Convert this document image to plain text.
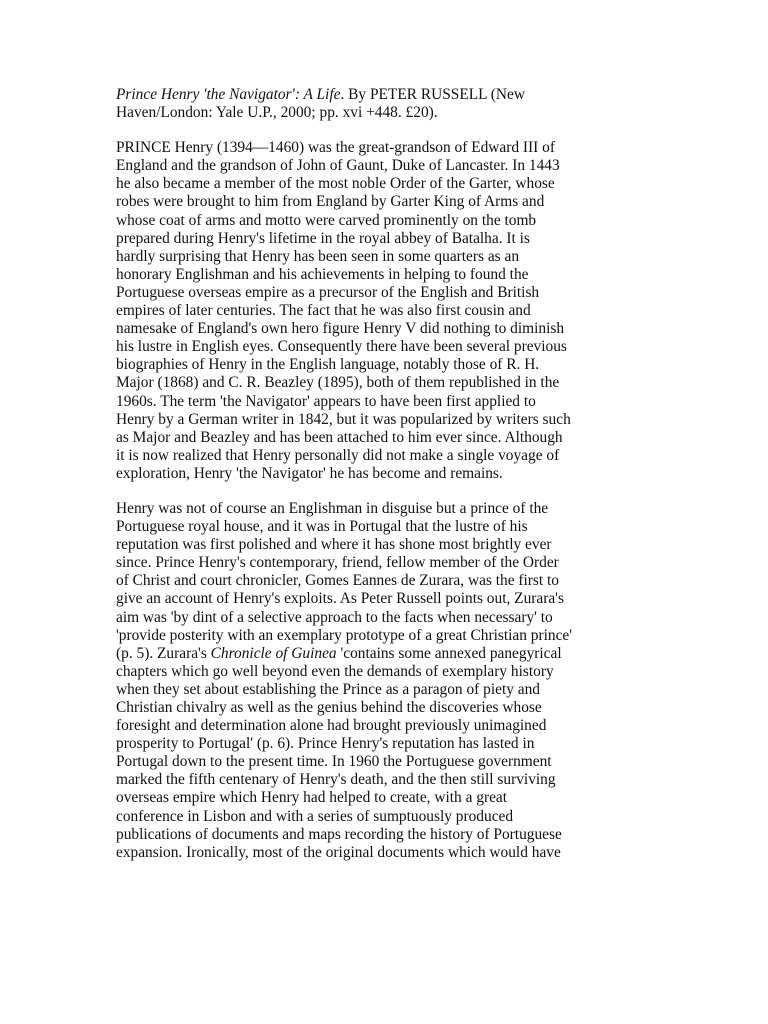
Prince Henry 'the Navigator': A Life. By PETER RUSSELL (New
Haven/London: Yale U.P., 2000; pp. xvi +448. £20).
PRINCE Henry (1394—1460) was the great-grandson of Edward III of
England and the grandson of John of Gaunt, Duke of Lancaster. In 1443
he also became a member of the most noble Order of the Garter, whose
robes were brought to him from England by Garter King of Arms and
whose coat of arms and motto were carved prominently on the tomb
prepared during Henry's lifetime in the royal abbey of Batalha. It is
hardly surprising that Henry has been seen in some quarters as an
honorary Englishman and his achievements in helping to found the
Portuguese overseas empire as a precursor of the English and British
empires of later centuries. The fact that he was also first cousin and
namesake of England's own hero figure Henry V did nothing to diminish
his lustre in English eyes. Consequently there have been several previous
biographies of Henry in the English language, notably those of R. H.
Major (1868) and C. R. Beazley (1895), both of them republished in the
1960s. The term 'the Navigator' appears to have been first applied to
Henry by a German writer in 1842, but it was popularized by writers such
as Major and Beazley and has been attached to him ever since. Although
it is now realized that Henry personally did not make a single voyage of
exploration, Henry 'the Navigator' he has become and remains.
Henry was not of course an Englishman in disguise but a prince of the
Portuguese royal house, and it was in Portugal that the lustre of his
reputation was first polished and where it has shone most brightly ever
since. Prince Henry's contemporary, friend, fellow member of the Order
of Christ and court chronicler, Gomes Eannes de Zurara, was the first to
give an account of Henry's exploits. As Peter Russell points out, Zurara's
aim was 'by dint of a selective approach to the facts when necessary' to
'provide posterity with an exemplary prototype of a great Christian prince'
(p. 5). Zurara's Chronicle of Guinea 'contains some annexed panegyrical
chapters which go well beyond even the demands of exemplary history
when they set about establishing the Prince as a paragon of piety and
Christian chivalry as well as the genius behind the discoveries whose
foresight and determination alone had brought previously unimagined
prosperity to Portugal' (p. 6). Prince Henry's reputation has lasted in
Portugal down to the present time. In 1960 the Portuguese government
marked the fifth centenary of Henry's death, and the then still surviving
overseas empire which Henry had helped to create, with a great
conference in Lisbon and with a series of sumptuously produced
publications of documents and maps recording the history of Portuguese
expansion. Ironically, most of the original documents which would have
